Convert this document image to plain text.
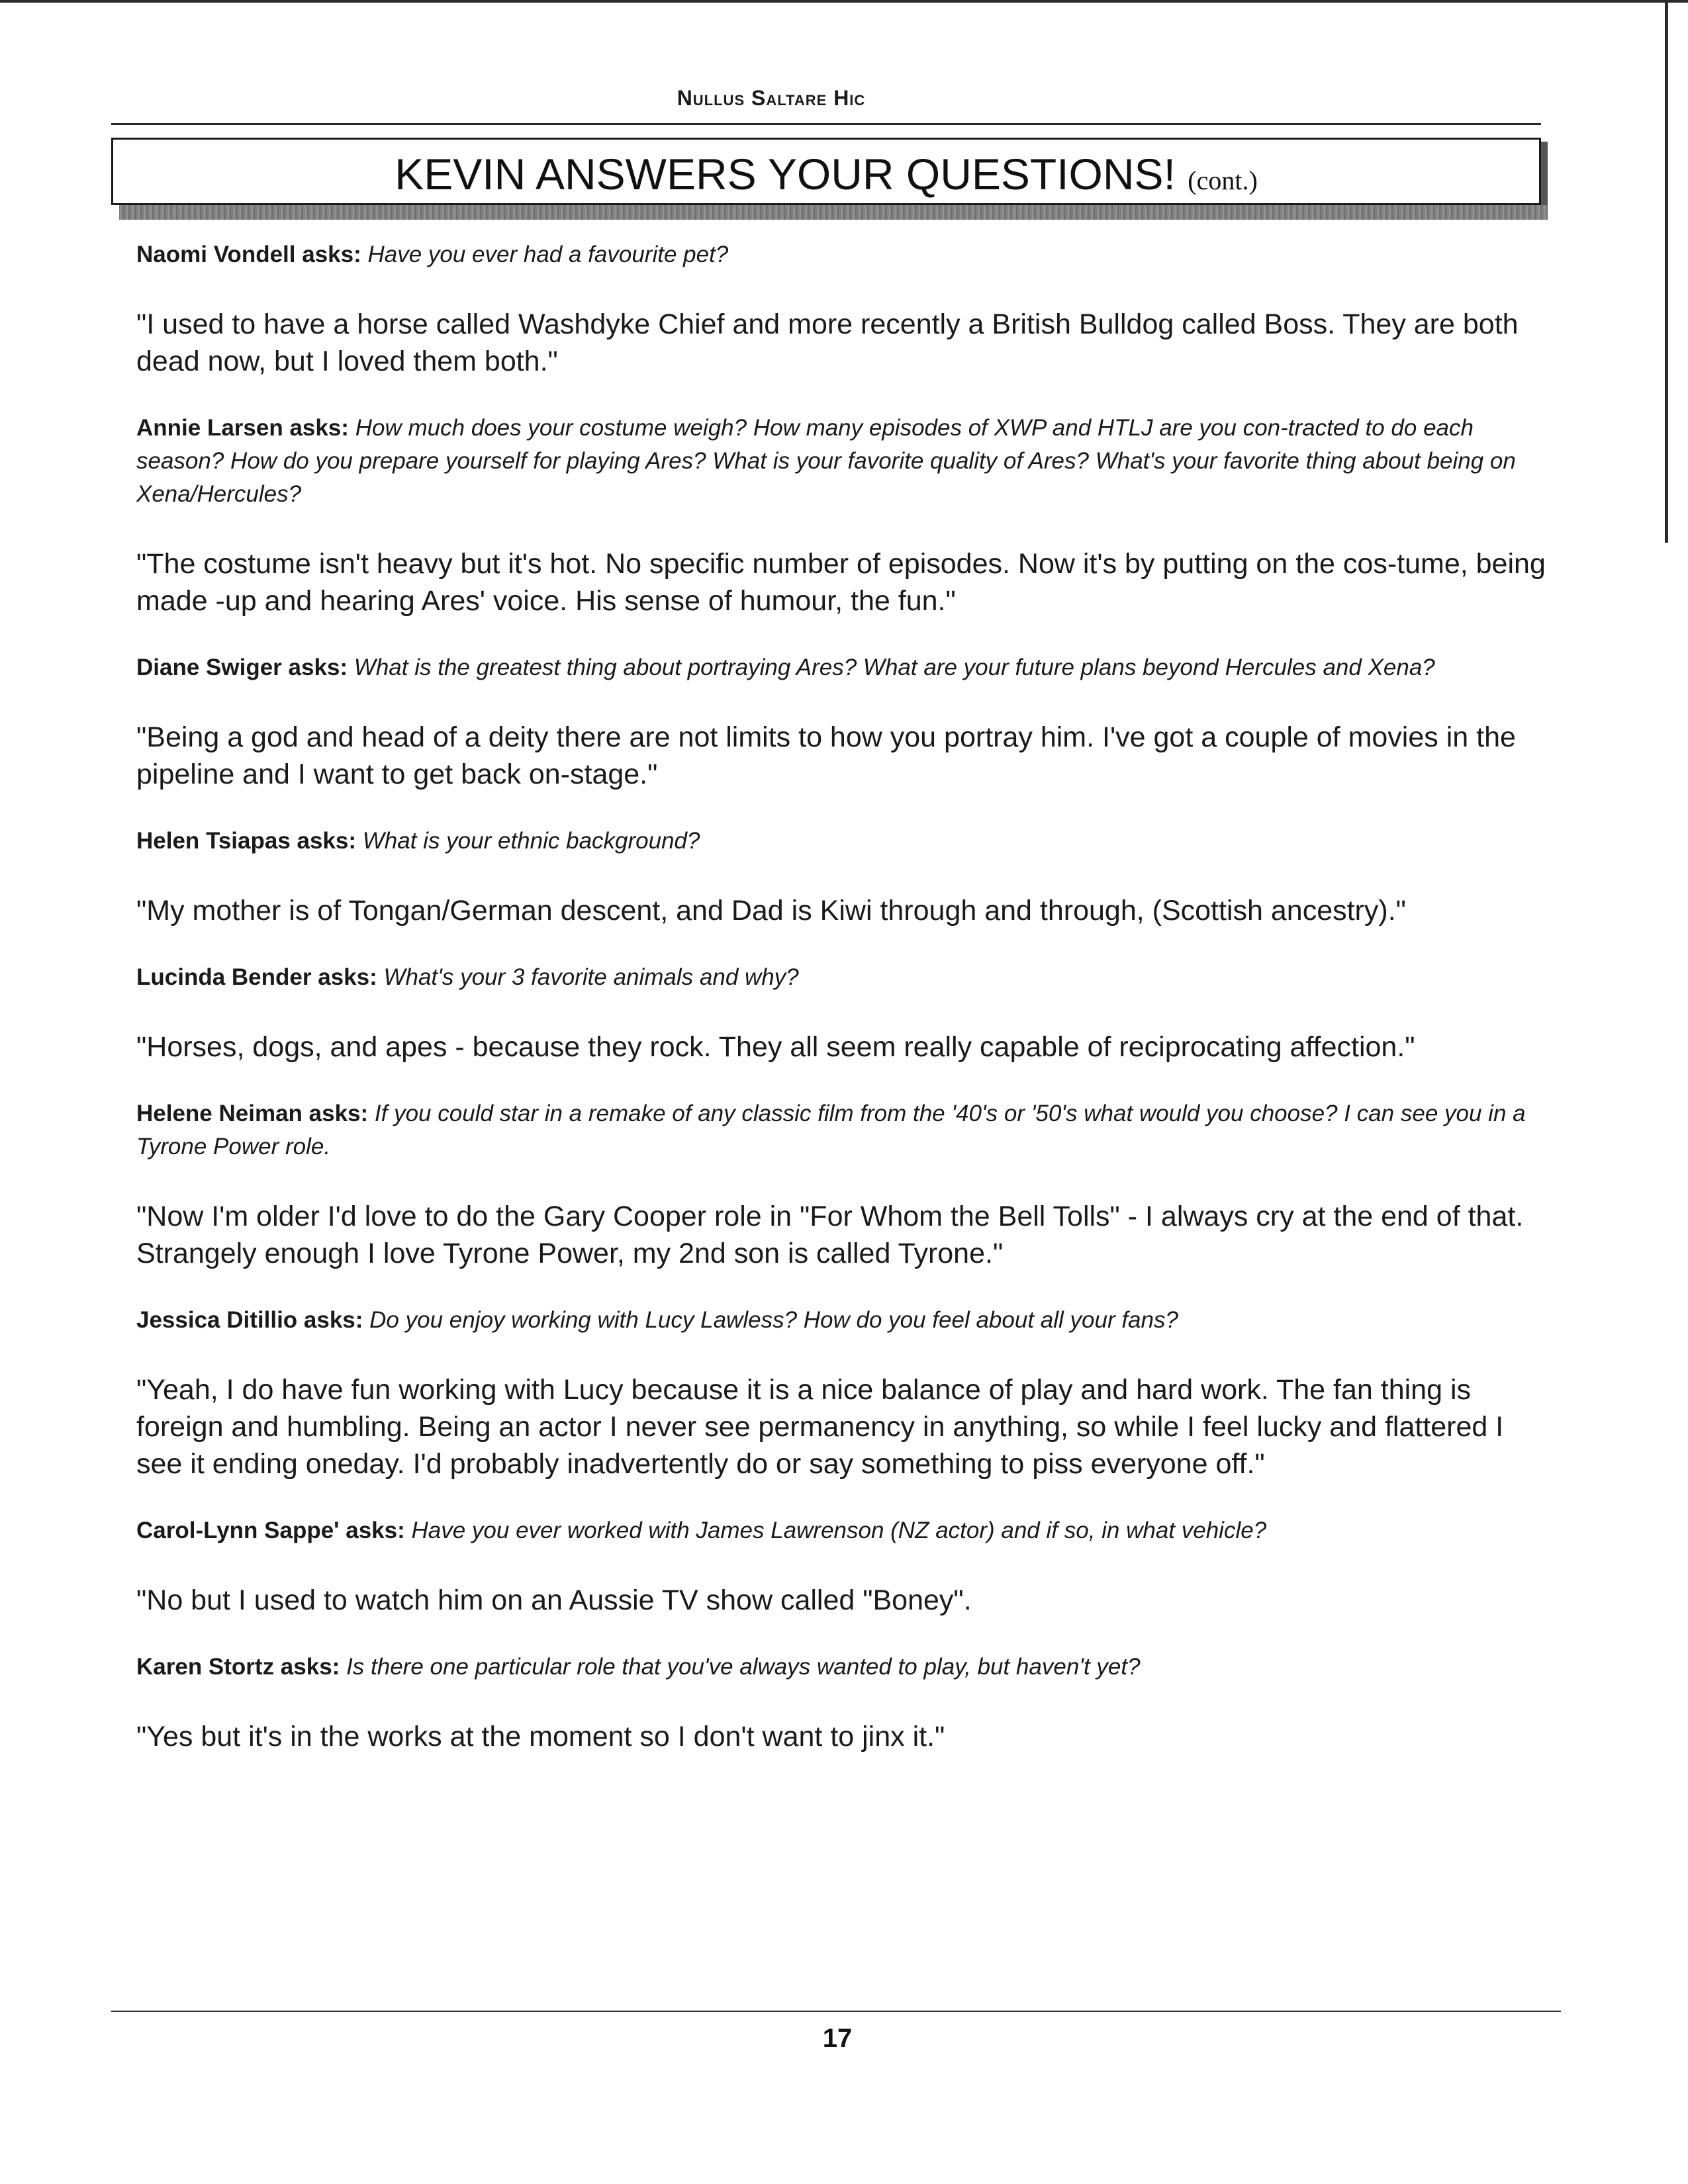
Nullus Saltare Hic
KEVIN ANSWERS YOUR QUESTIONS! (cont.)

Naomi Vondell asks: Have you ever had a favourite pet?

"I used to have a horse called Washdyke Chief and more recently a British Bulldog called Boss. They are both dead now, but I loved them both."

Annie Larsen asks: How much does your costume weigh? How many episodes of XWP and HTLJ are you con-tracted to do each season? How do you prepare yourself for playing Ares? What is your favorite quality of Ares? What's your favorite thing about being on Xena/Hercules?

"The costume isn't heavy but it's hot. No specific number of episodes. Now it's by putting on the cos-tume, being made -up and hearing Ares' voice. His sense of humour, the fun."

Diane Swiger asks: What is the greatest thing about portraying Ares? What are your future plans beyond Hercules and Xena?

"Being a god and head of a deity there are not limits to how you portray him. I've got a couple of movies in the pipeline and I want to get back on-stage."

Helen Tsiapas asks: What is your ethnic background?

"My mother is of Tongan/German descent, and Dad is Kiwi through and through, (Scottish ancestry)."

Lucinda Bender asks: What's your 3 favorite animals and why?

"Horses, dogs, and apes - because they rock. They all seem really capable of reciprocating affection."

Helene Neiman asks: If you could star in a remake of any classic film from the '40's or '50's what would you choose? I can see you in a Tyrone Power role.

"Now I'm older I'd love to do the Gary Cooper role in "For Whom the Bell Tolls" - I always cry at the end of that. Strangely enough I love Tyrone Power, my 2nd son is called Tyrone."

Jessica Ditillio asks: Do you enjoy working with Lucy Lawless? How do you feel about all your fans?

"Yeah, I do have fun working with Lucy because it is a nice balance of play and hard work. The fan thing is foreign and humbling. Being an actor I never see permanency in anything, so while I feel lucky and flattered I see it ending oneday. I'd probably inadvertently do or say something to piss everyone off."

Carol-Lynn Sappe' asks: Have you ever worked with James Lawrenson (NZ actor) and if so, in what vehicle?

"No but I used to watch him on an Aussie TV show called "Boney".

Karen Stortz asks: Is there one particular role that you've always wanted to play, but haven't yet?

"Yes but it's in the works at the moment so I don't want to jinx it."

17
